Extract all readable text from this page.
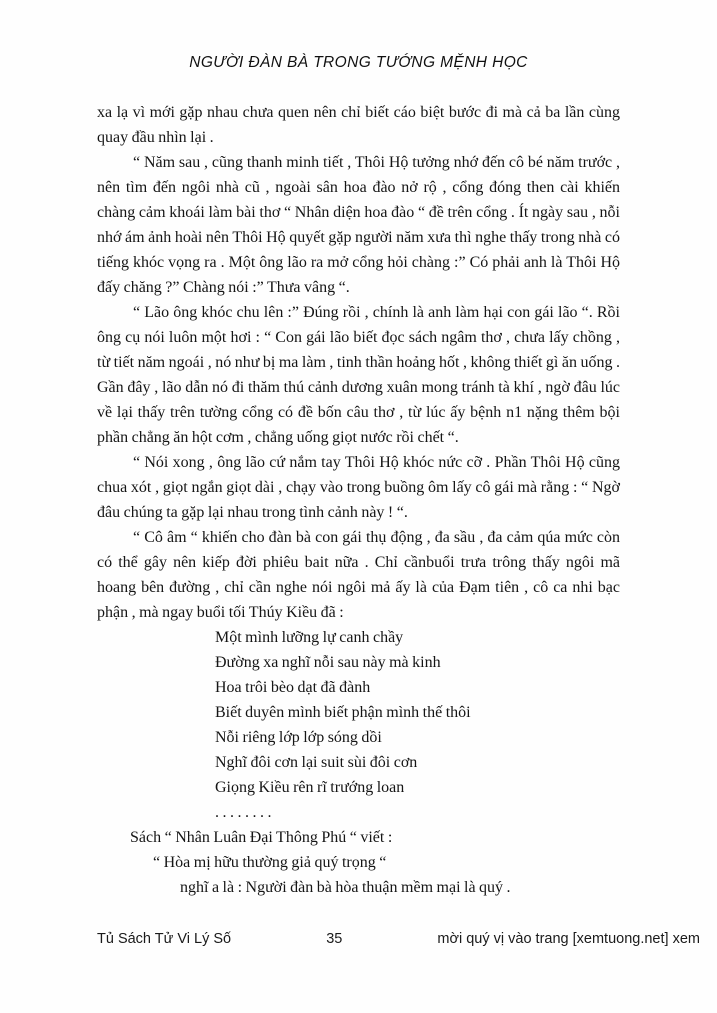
NGƯỜI ĐÀN BÀ TRONG TƯỚNG MỆNH HỌC

xa lạ vì mới gặp nhau chưa quen nên chỉ biết cáo biệt bước đi mà cả ba lần cùng quay đầu nhìn lại .

“ Năm sau , cũng thanh minh tiết , Thôi Hộ tưởng nhớ đến cô bé năm trước , nên tìm đến ngôi nhà cũ , ngoài sân hoa đào nở rộ , cổng đóng then cài khiến chàng cảm khoái làm bài thơ “ Nhân diện hoa đào “ đề trên cổng . Ít ngày sau , nỗi nhớ ám ảnh hoài nên Thôi Hộ quyết gặp người năm xưa thì nghe thấy trong nhà có tiếng khóc vọng ra . Một ông lão ra mở cổng hỏi chàng :” Có phải anh là Thôi Hộ đấy chăng ?” Chàng nói :” Thưa vâng “.

“ Lão ông khóc chu lên :” Đúng rồi , chính là anh làm hại con gái lão “. Rồi ông cụ nói luôn một hơi : “ Con gái lão biết đọc sách ngâm thơ , chưa lấy chồng , từ tiết năm ngoái , nó như bị ma làm , tinh thần hoảng hốt , không thiết gì ăn uống . Gần đây , lão dẫn nó đi thăm thú cảnh dương xuân mong tránh tà khí , ngờ đâu lúc về lại thấy trên tường cổng có đề bốn câu thơ , từ lúc ấy bệnh n1 nặng thêm bội phần chẳng ăn hột cơm , chẳng uống giọt nước rồi chết “.

“ Nói xong , ông lão cứ nắm tay Thôi Hộ khóc nức cỡ . Phần Thôi Hộ cũng chua xót , giọt ngắn giọt dài , chạy vào trong buồng ôm lấy cô gái mà rằng : “ Ngờ đâu chúng ta gặp lại nhau trong tình cảnh này ! “.

“ Cô âm “ khiến cho đàn bà con gái thụ động , đa sầu , đa cảm qúa mức còn có thể gây nên kiếp đời phiêu bait nữa . Chỉ cầnbuổi trưa trông thấy ngôi mã hoang bên đường , chỉ cần nghe nói ngôi mả ấy là của Đạm tiên , cô ca nhi bạc phận , mà ngay buổi tối Thúy Kiều đã :

Một mình lưỡng lự canh chầy
Đường xa nghĩ nỗi sau này mà kinh
Hoa trôi bèo dạt đã đành
Biết duyên mình biết phận mình thế thôi
Nỗi riêng lớp lớp sóng dồi
Nghĩ đôi cơn lại suit sùi đôi cơn
Giọng Kiều rên rĩ trướng loan
. . . . . . . .
Sách “ Nhân Luân Đại Thông Phú “ viết :
“ Hòa mị hữu thường giả quý trọng “
nghĩ a là : Người đàn bà hòa thuận mềm mại là quý .
Tủ Sách Tử Vi Lý Số	35	mời quý vị vào trang [xemtuong.net] xem
